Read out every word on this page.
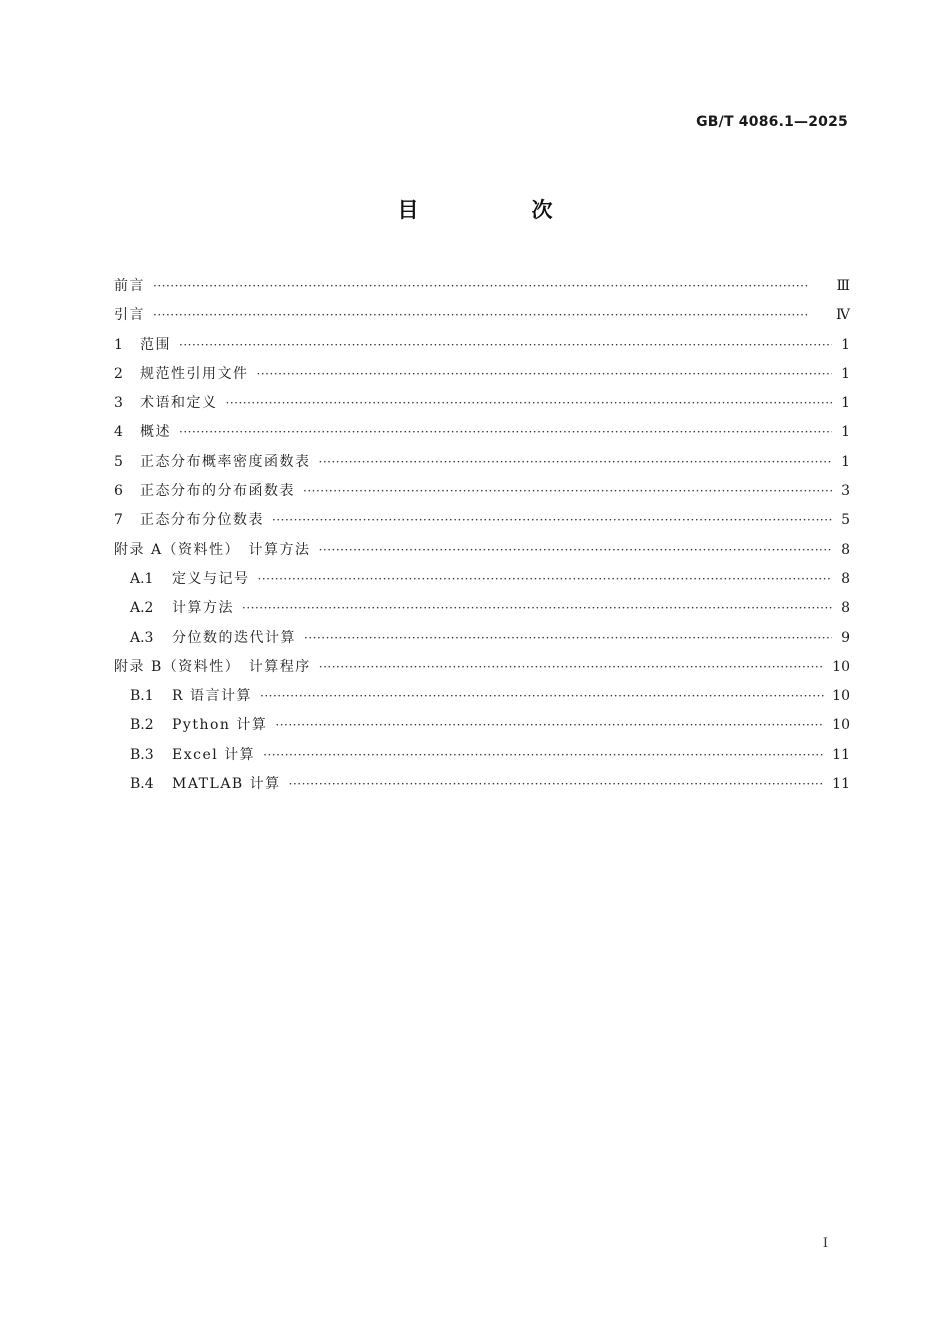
GB/T 4086.1—2025
目　次
前言 ·····	Ⅲ
引言 ·····	Ⅳ
1	范围 ·····	1
2	规范性引用文件 ·····	1
3	术语和定义 ·····	1
4	概述 ·····	1
5	正态分布概率密度函数表 ·····	1
6	正态分布的分布函数表 ·····	3
7	正态分布分位数表 ·····	5
附录 A（资料性）　计算方法 ·····	8
A.1	定义与记号 ·····	8
A.2	计算方法 ·····	8
A.3	分位数的迭代计算 ·····	9
附录 B（资料性）　计算程序 ·····	10
B.1	R 语言计算 ·····	10
B.2	Python 计算 ·····	10
B.3	Excel 计算 ·····	11
B.4	MATLAB 计算 ·····	11
Ⅰ
